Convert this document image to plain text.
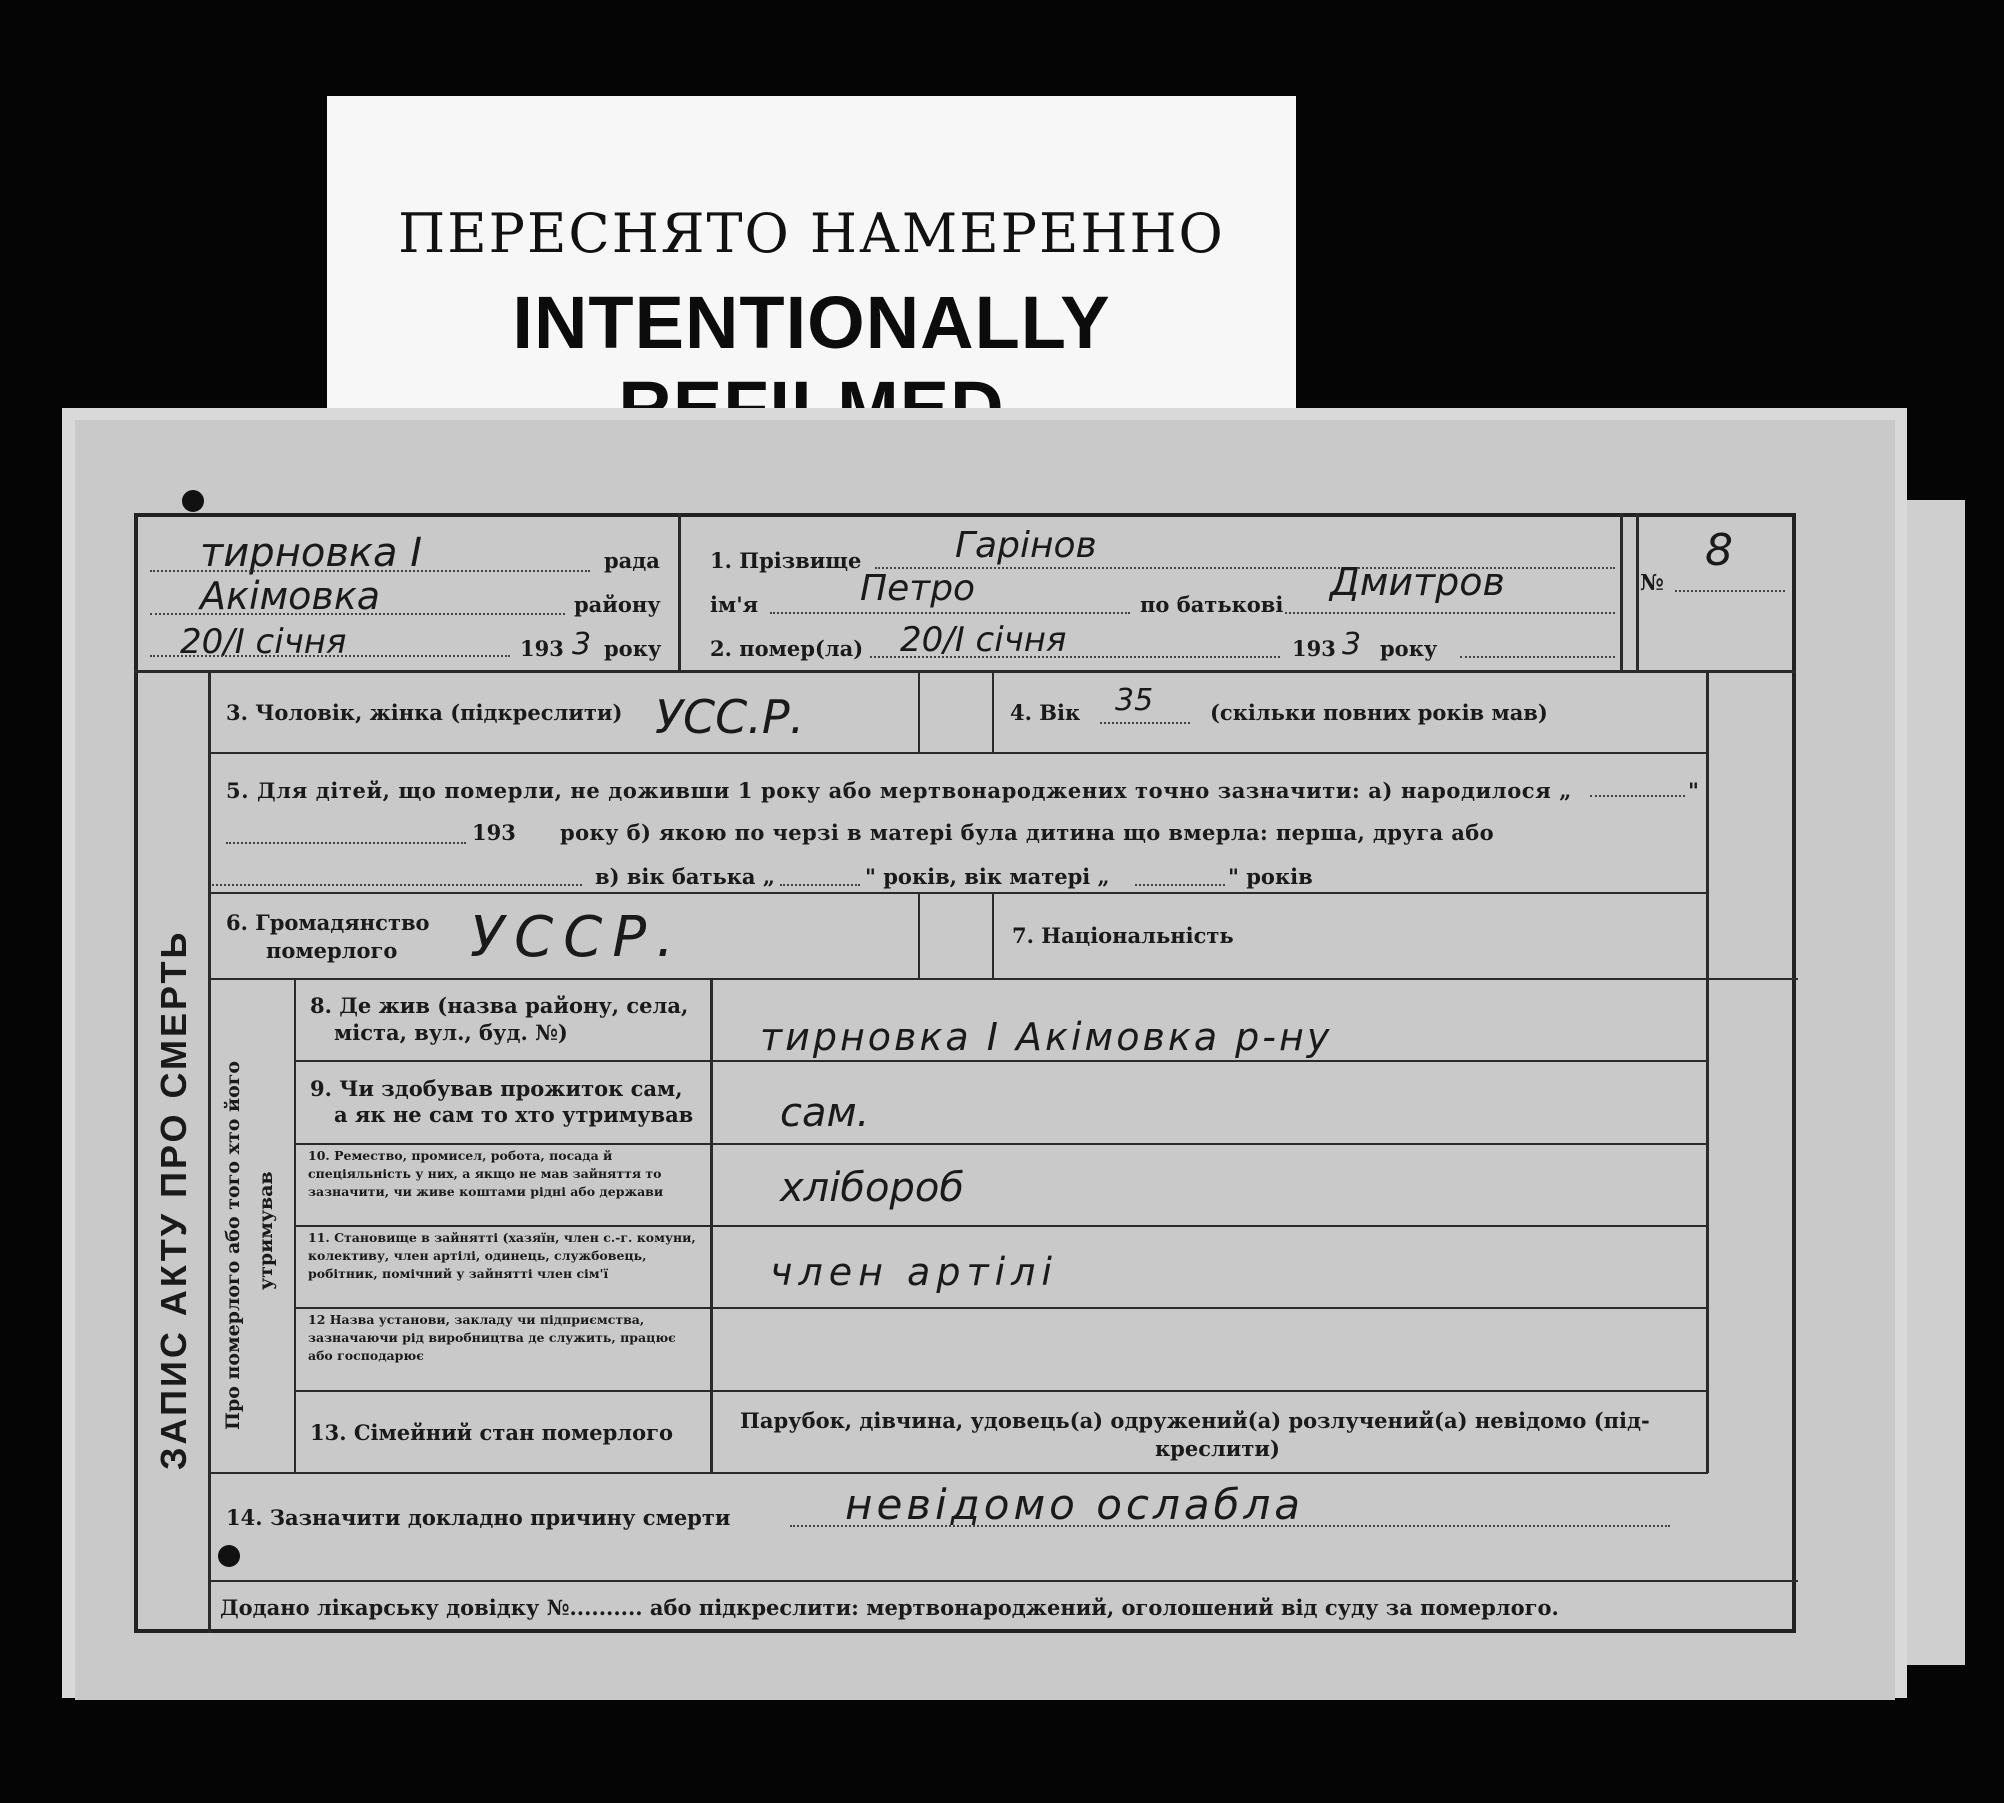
ПЕРЕСНЯТО НАМЕРЕННО
INTENTIONALLY
8
№
тирновка I	рада
Акімовка	району
20/І січня	193 3 року
1. Прізвище	Гарінов
ім'я	Петро	по батькові
Дмитров
2. помер(ла) 20/І січня	193 3 року
ЗАПИС АКТУ ПРО СМЕРТЬ Про померлого або того хто його утримував
3. Чоловік, жінка (підкреслити) УСС.Р.	4. Вік 35	(скільки повних років мав)
5. Для дітей, що померли, не доживши 1 року або мертвонароджених точно зазначити: а) народилося „	"
193 року б) якою по черзі в матері була дитина що вмерла: перша, друга або
в) вік батька „	" років, вік матері „	" років
6. Громадянство
померлого УССР.	7. Національність
8. Де жив (назва району, села,
міста, вул., буд. №)	тирновка І Акімовка р-ну
9. Чи здобував прожиток сам,
а як не сам то хто утримував сам.
10. Ремество, промисел, робота, посада й спеціяльність у них, а якщо не мав зайняття то зазначити, чи живе коштами рідні або держави	хлібороб
11. Становище в зайнятті (хазяїн, член с.-г. комуни, колективу, член артілі, одинець, службовець, робітник, помічний у зайнятті член сім'ї	член артілі
12 Назва установи, закладу чи підприємства, зазначаючи рід виробництва де служить, працює або господарює
13. Сімейний стан померлого	Парубок, дівчина, удовець(а) одружений(а) розлучений(а) невідомо (під-
креслити)
14. Зазначити докладно причину смерти	невідомо ослабла
Додано лікарську довідку №.......... або підкреслити: мертвонароджений, оголошений від суду за померлого.
